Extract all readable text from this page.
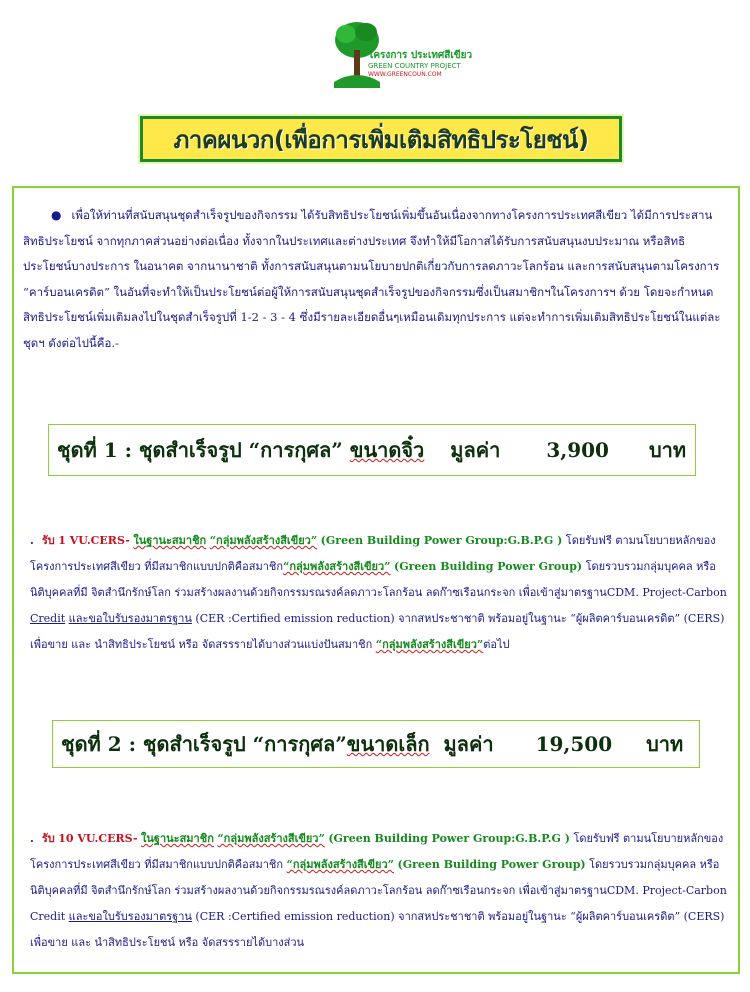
โครงการ ประเทศสีเขียว
GREEN COUNTRY PROJECT
WWW.GREENCOUN.COM
ภาคผนวก(เพื่อการเพิ่มเติมสิทธิประโยชน์)
● เพื่อให้ท่านที่สนับสนุนชุดสำเร็จรูปของกิจกรรม ได้รับสิทธิประโยชน์เพิ่มขึ้นอันเนื่องจากทางโครงการประเทศสีเขียว ได้มีการประสานสิทธิประโยชน์ จากทุกภาคส่วนอย่างต่อเนื่อง ทั้งจากในประเทศและต่างประเทศ จึงทำให้มีโอกาสได้รับการสนับสนุนงบประมาณ หรือสิทธิประโยชน์บางประการ ในอนาคต จากนานาชาติ ทั้งการสนับสนุนตามนโยบายปกติเกี่ยวกับการลดภาวะโลกร้อน และการสนับสนุนตามโครงการ “คาร์บอนเครดิต” ในอันที่จะทำให้เป็นประโยชน์ต่อผู้ให้การสนับสนุนชุดสำเร็จรูปของกิจกรรมซึ่งเป็นสมาชิกฯในโครงการฯ ด้วย โดยจะกำหนดสิทธิประโยชน์เพิ่มเติมลงไปในชุดสำเร็จรูปที่ 1-2 - 3 - 4 ซึ่งมีรายละเอียดอื่นๆเหมือนเดิมทุกประการ แต่จะทำการเพิ่มเติมสิทธิประโยชน์ในแต่ละชุดฯ ดังต่อไปนี้คือ.-
ชุดที่ 1 : ชุดสำเร็จรูป
“การกุศล”
ขนาดจิ๋ว มูลค่า 3,900 บาท
. รับ 1 VU.CERS- ในฐานะสมาชิก “กลุ่มพลังสร้างสีเขียว” (Green Building Power Group:G.B.P.G ) โดยรับฟรี ตามนโยบายหลักของโครงการประเทศสีเขียว ที่มีสมาชิกแบบปกติคือสมาชิก“กลุ่มพลังสร้างสีเขียว” (Green Building Power Group) โดยรวบรวมกลุ่มบุคคล หรือ นิติบุคคลที่มี จิตสำนึกรักษ์โลก ร่วมสร้างผลงานด้วยกิจกรรมรณรงค์ลดภาวะโลกร้อน ลดก๊าซเรือนกระจก เพื่อเข้าสู่มาตรฐานCDM. Project-Carbon Credit และขอใบรับรองมาตรฐาน (CER :Certified emission reduction) จากสหประชาชาติ พร้อมอยู่ในฐานะ “ผู้ผลิตคาร์บอนเครดิต” (CERS) เพื่อขาย และ นำสิทธิประโยชน์ หรือ จัดสรรรายได้บางส่วนแบ่งปันสมาชิก “กลุ่มพลังสร้างสีเขียว”ต่อไป
ชุดที่ 2 : ชุดสำเร็จรูป
“การกุศล” ขนาดเล็ก
มูลค่า 19,500 บาท
. รับ 10 VU.CERS- ในฐานะสมาชิก “กลุ่มพลังสร้างสีเขียว” (Green Building Power Group:G.B.P.G ) โดยรับฟรี ตามนโยบายหลักของ โครงการประเทศสีเขียว ที่มีสมาชิกแบบปกติคือสมาชิก “กลุ่มพลังสร้างสีเขียว” (Green Building Power Group) โดยรวบรวมกลุ่มบุคคล หรือ นิติบุคคลที่มี จิตสำนึกรักษ์โลก ร่วมสร้างผลงานด้วยกิจกรรมรณรงค์ลดภาวะโลกร้อน ลดก๊าซเรือนกระจก เพื่อเข้าสู่มาตรฐานCDM. Project-Carbon Credit และขอใบรับรองมาตรฐาน (CER :Certified emission reduction) จากสหประชาชาติ พร้อมอยู่ในฐานะ “ผู้ผลิตคาร์บอนเครดิต” (CERS) เพื่อขาย และ นำสิทธิประโยชน์ หรือ จัดสรรรายได้บางส่วน
